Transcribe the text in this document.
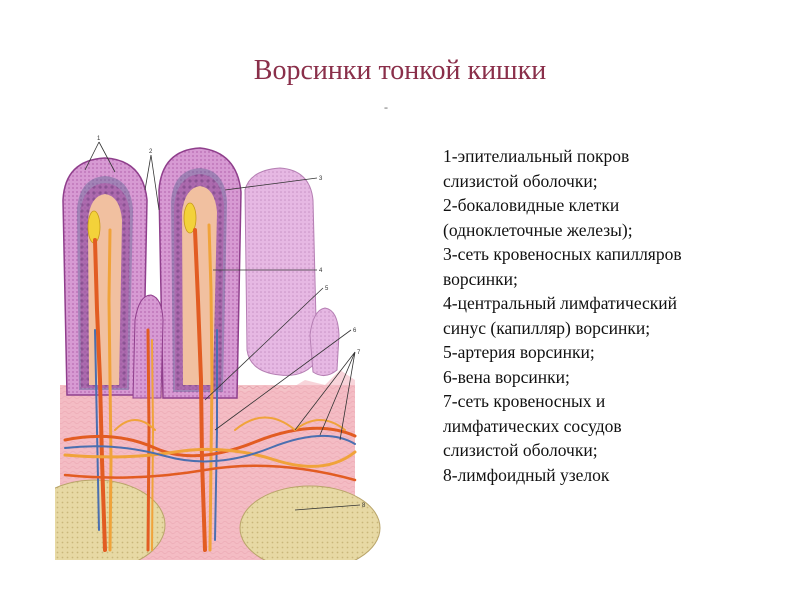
Ворсинки тонкой кишки
-
1
2
3
4
5
6
7
8
1-эпителиальный покров
слизистой оболочки;
2-бокаловидные клетки
(одноклеточные железы);
3-сеть кровеносных капилляров
ворсинки;
4-центральный лимфатический
синус (капилляр) ворсинки;
5-артерия ворсинки;
6-вена ворсинки;
7-сеть кровеносных и
лимфатических сосудов
слизистой оболочки;
8-лимфоидный узелок
